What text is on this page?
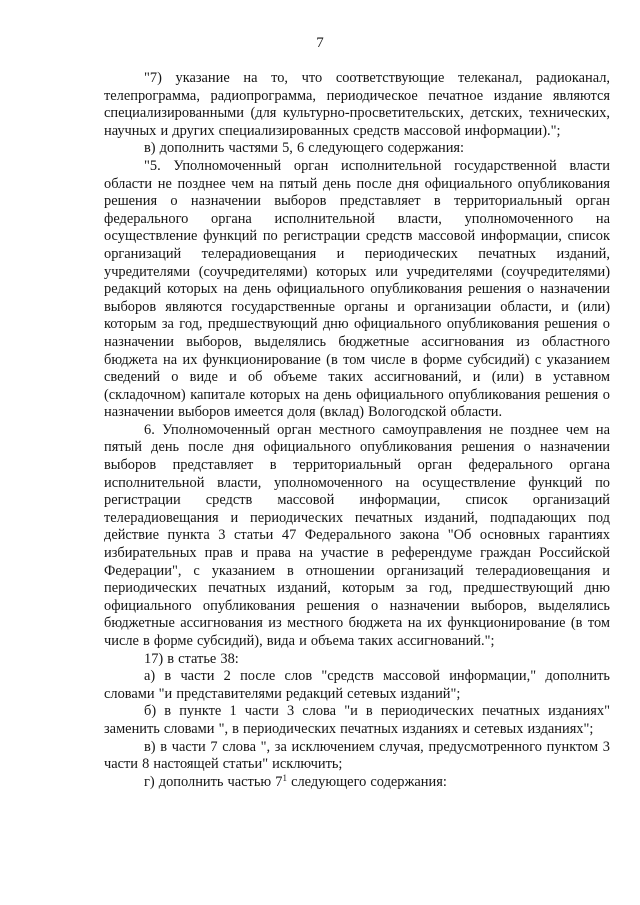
7

"7) указание на то, что соответствующие телеканал, радиоканал, телепрограмма, радиопрограмма, периодическое печатное издание являются специализированными (для культурно-просветительских, детских, технических, научных и других специализированных средств массовой информации).";

в) дополнить частями 5, 6 следующего содержания:

"5. Уполномоченный орган исполнительной государственной власти области не позднее чем на пятый день после дня официального опубликования решения о назначении выборов представляет в территориальный орган федерального органа исполнительной власти, уполномоченного на осуществление функций по регистрации средств массовой информации, список организаций телерадиовещания и периодических печатных изданий, учредителями (соучредителями) которых или учредителями (соучредителями) редакций которых на день официального опубликования решения о назначении выборов являются государственные органы и организации области, и (или) которым за год, предшествующий дню официального опубликования решения о назначении выборов, выделялись бюджетные ассигнования из областного бюджета на их функционирование (в том числе в форме субсидий) с указанием сведений о виде и об объеме таких ассигнований, и (или) в уставном (складочном) капитале которых на день официального опубликования решения о назначении выборов имеется доля (вклад) Вологодской области.

6. Уполномоченный орган местного самоуправления не позднее чем на пятый день после дня официального опубликования решения о назначении выборов представляет в территориальный орган федерального органа исполнительной власти, уполномоченного на осуществление функций по регистрации средств массовой информации, список организаций телерадиовещания и периодических печатных изданий, подпадающих под действие пункта 3 статьи 47 Федерального закона "Об основных гарантиях избирательных прав и права на участие в референдуме граждан Российской Федерации", с указанием в отношении организаций телерадиовещания и периодических печатных изданий, которым за год, предшествующий дню официального опубликования решения о назначении выборов, выделялись бюджетные ассигнования из местного бюджета на их функционирование (в том числе в форме субсидий), вида и объема таких ассигнований.";

17) в статье 38:

а) в части 2 после слов "средств массовой информации," дополнить словами "и представителями редакций сетевых изданий";

б) в пункте 1 части 3 слова "и в периодических печатных изданиях" заменить словами ", в периодических печатных изданиях и сетевых изданиях";

в) в части 7 слова ", за исключением случая, предусмотренного пунктом 3 части 8 настоящей статьи" исключить;

г) дополнить частью $7^1$ следующего содержания:
